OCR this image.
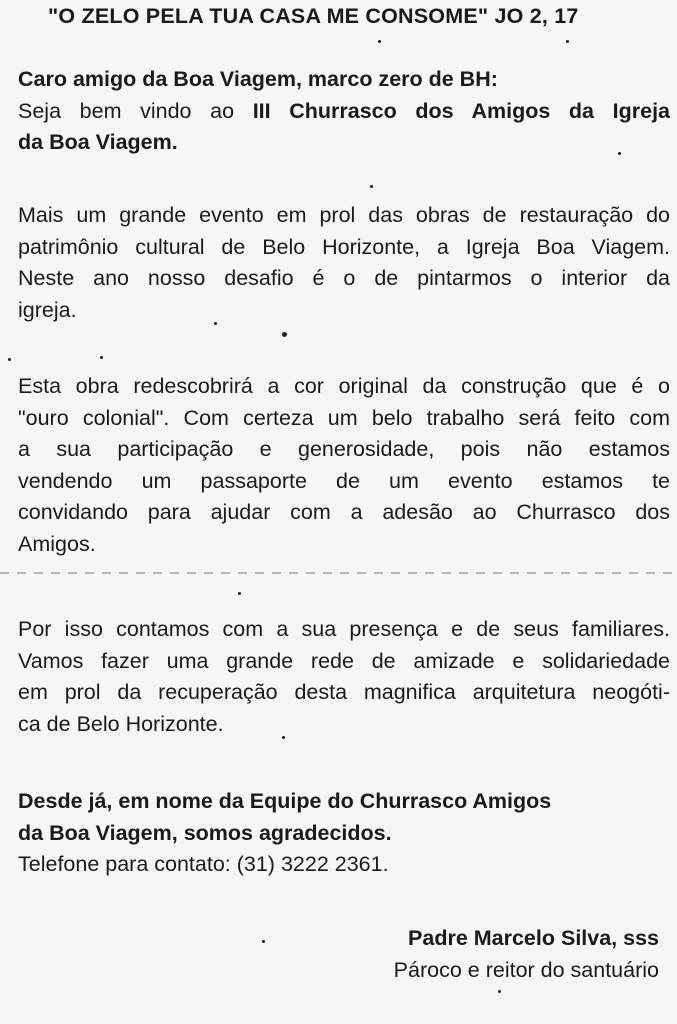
"O ZELO PELA TUA CASA ME CONSOME" JO 2, 17
Caro amigo da Boa Viagem, marco zero de BH:
Seja bem vindo ao III Churrasco dos Amigos da Igreja
da Boa Viagem.
Mais um grande evento em prol das obras de restauração do
patrimônio cultural de Belo Horizonte, a Igreja Boa Viagem.
Neste ano nosso desafio é o de pintarmos o interior da
igreja.
Esta obra redescobrirá a cor original da construção que é o
"ouro colonial". Com certeza um belo trabalho será feito com
a sua participação e generosidade, pois não estamos
vendendo um passaporte de um evento estamos te
convidando para ajudar com a adesão ao Churrasco dos
Amigos.
Por isso contamos com a sua presença e de seus familiares.
Vamos fazer uma grande rede de amizade e solidariedade
em prol da recuperação desta magnifica arquitetura neogóti-
ca de Belo Horizonte.
Desde já, em nome da Equipe do Churrasco Amigos
da Boa Viagem, somos agradecidos.
Telefone para contato: (31) 3222 2361.
Padre Marcelo Silva, sss
Pároco e reitor do santuário
